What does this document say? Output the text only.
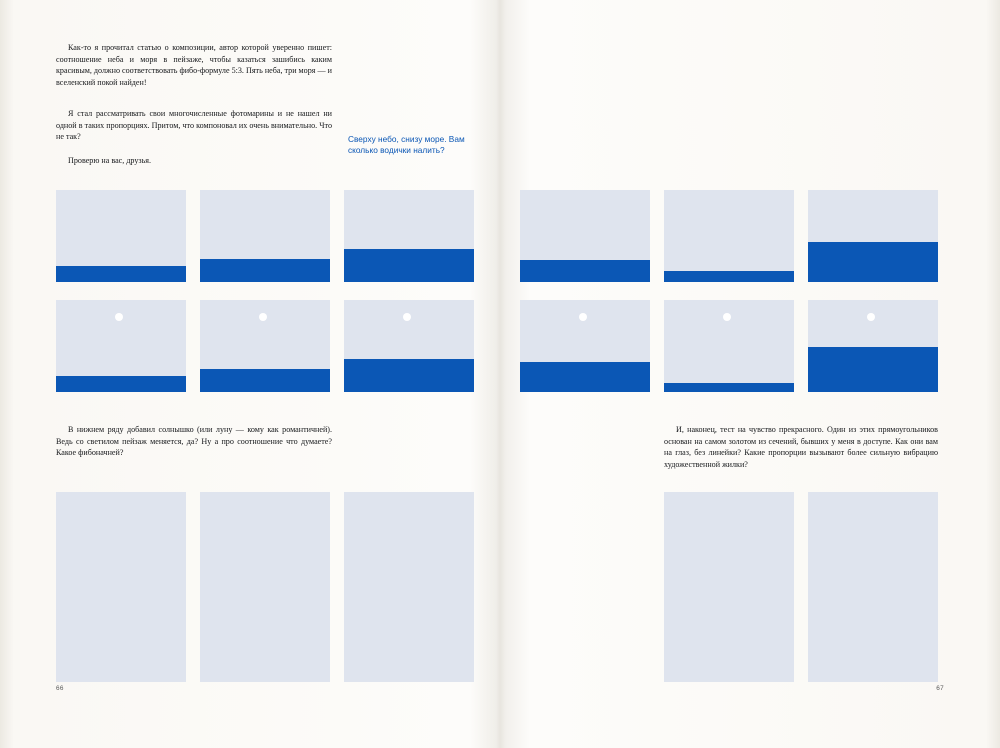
Как-то я прочитал статью о композиции, автор которой уверенно пишет: соотношение неба и моря в пейзаже, чтобы казаться зашибись каким красивым, должно соответствовать фибо-формуле 5:3. Пять неба, три моря — и вселенский покой найден!
Я стал рассматривать свои многочисленные фотомарины и не нашел ни одной в таких пропорциях. Притом, что компоновал их очень внимательно. Что не так?
Проверю на вас, друзья.
Сверху небо, снизу море. Вам сколько водички налить?
В нижнем ряду добавил солнышко (или луну — кому как романтичней). Ведь со светилом пейзаж меняется, да? Ну а про соотношение что думаете? Какое фибоначней?
66
И, наконец, тест на чувство прекрасного. Один из этих прямоугольников основан на самом золотом из сечений, бывших у меня в доступе. Как они вам на глаз, без линейки? Какие пропорции вызывают более сильную вибрацию художественной жилки?
67
